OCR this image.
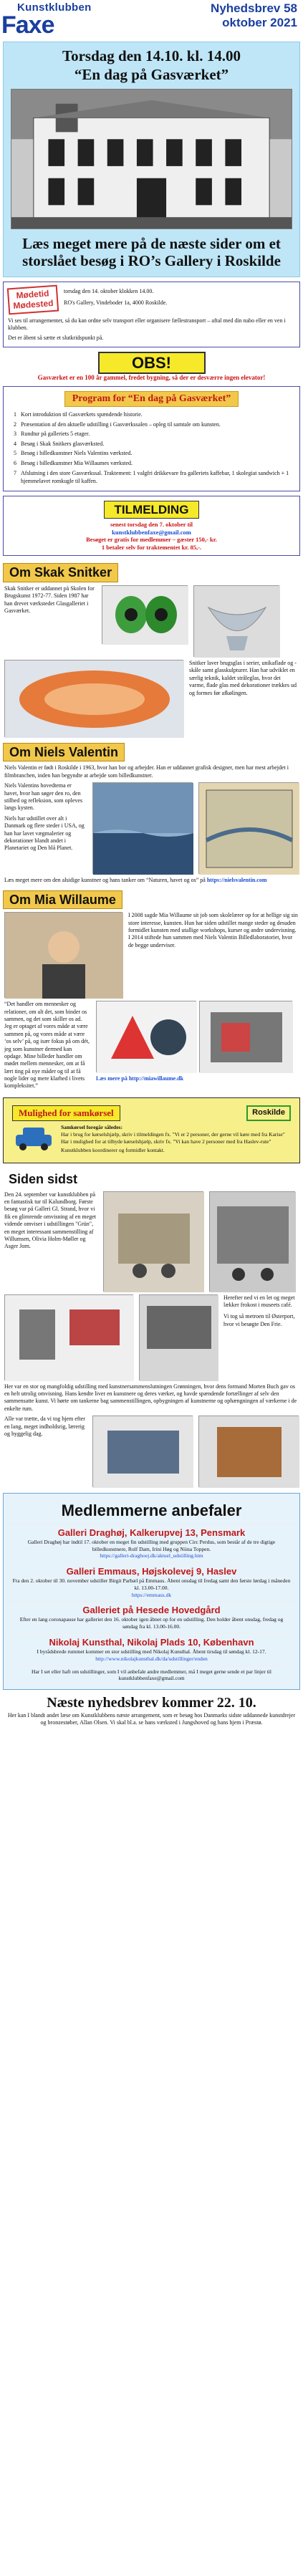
Kunstklubben
Faxe
Nyhedsbrev 58
oktober 2021
Torsdag den 14.10. kl. 14.00
“En dag på Gasværket”
Læs meget mere på de næste sider om et storslået besøg i RO’s Gallery i Roskilde
Mødetid
Mødested
torsdag den 14. oktober klokken 14.00.
RO's Gallery, Vindeboder 1a, 4000 Roskilde.
Vi ses til arrangementet, så du kan ordne selv transport eller organisere fællestransport – aftal med din nabo eller en ven i klubben.
Det er åbent så sætte et slutkridspunkt på.
OBS!
Gasværket er en 100 år gammel, fredet bygning, så der er desværre ingen elevator!
Program for “En dag på Gasværket”
1 Kort introduktion til Gasværkets spændende historie.
2 Præsentation af den aktuelle udstilling i Gasværkssalen – opleg til samtale om kunsten.
3 Rundtur på galleriets 5 etager.
4 Besøg i Skak Snitkers glasværksted.
5 Besøg i billedkunstner Niels Valentins værksted.
6 Besøg i billedkunstner Mia Willaumes værksted.
7 Afslutning i den store Gasværkssal. Traktement: 1 valgfri drikkevare fra galleriets kaffebar, 1 skolegiat sandwich + 1 hjemmelavet romkugle til kaffen.
TILMELDING
senest torsdag den 7. oktober til
kunstklubbenfaxe@gmail.com
Besøget er gratis for medlemmer – gæster 150,- kr.
1 betaler selv for traktementet kr. 85,-.
Om Skak Snitker
Skak Snitker er uddannet på Skolen for Brugskunst 1972-77. Siden 1987 har han drevet værkstedet Glasgalleriet i Gasværket.
Snitker laver brugsglas i serier, unikaflade og -skåle samt glasskulpturer. Han har udviklet en særlig teknik, kaldet stråleglas, hvor det varme, flade glas med dekorationer trækkes ud og formes før afkølingen.
Om Niels Valentin
Niels Valentin er født i Roskilde i 1963, hvor han bor og arbejder. Han er uddannet grafisk designer, men har mest arbejdet i filmbranchen, inden han begyndte at arbejde som billedkunstner.
Niels Valentins hovedtema er havet, hvor han søger den ro, den stilhed og refleksion, som opleves langs kysten.
Niels har udstillet over alt i Danmark og flere steder i USA, og han har lavet vægmalerier og dekorationer blandt andet i Planetariet og Den blå Planet.
Læs meget mere om den alsidige kunstner og hans tanker om “Naturen, havet og os” på https://nielsvalentin.com
Om Mia Willaume
I 2008 sagde Mia Willaume sit job som skolelærer op for at hellige sig sin store interesse, kunsten. Hun har siden udstillet mange steder og desuden formidlet kunsten med utallige workshops, kurser og andre undervisning. I 2014 stiftede hun sammen med Niels Valentin Billedlaboratoriet, hvor de begge underviser.
“Det handler om mennesker og relationer, om alt det, som binder os sammen, og det som skiller os ad. Jeg er optaget af vores måde at være sammen på, og vores måde at være ‘os selv’ på, og især fokus på om dét, jeg som kunstner dermed kan opdage. Mine billeder handler om mødet mellem mennesker, om at få lært ting på nye måder og til at få nogle lider og mere klarhed i livets kompleksitet.”
Læs mere på http://miawillaume.dk
Mulighed for samkørsel	Roskilde
Samkørsel foregår således:
Har i brug for kørselshjælp, skriv i tilmeldingen fx. "Vi er 2 personer, der gerne vil køre med fra Karise"
Har i mulighed for at tilbyde kørselshjælp, skriv fx. "Vi kan have 2 personer med fra Haslev-rute"
Kunstklubben koordinerer og formidler kontakt.
Siden sidst
Den 24. september var kunstklubben på en fantastisk tur til Kalundborg. Første besøg var på Galleri Gl. Strand, hvor vi fik en glimrende omvisning af en meget vidende omviser i udstillingen "Grün", en meget interessant sammenstilling af Willumsen, Olivia Holm-Møller og Asger Jorn.
Herefter ned vi en let og meget lækker frokost i museets café.
Vi tog så metroen til Østerport, hvor vi besøgte Den Frie.
Her var en stor og mangfoldig udstilling med kunstnersammenslutningen Grønningen, hvor dens formand Morten Buch gav os en helt utrolig omvisning. Hans kendte liver en kunstnere og deres værker, og havde spændende fortællinger af selv den sammensatte kunst. Vi hørte om tankerne bag sammenstillingen, opbygningen af kunstnerne og ophængningen af værkerne i de enkelte rum.
Alle var trætte, da vi tog hjem efter en lang, meget indholdsrig, lærerig og hyggelig dag.
Medlemmerne anbefaler
Galleri Draghøj, Kalkerupvej 13, Pensmark
Galleri Draghøj har indtil 17. oktober en meget fin udstilling med gruppen Circ Perdus, som består af de tre digtige billedkunstnere, Rolf Dam, Irini Høg og Niina Toppen.
https://galleri-draghoej.dk/aktuel_udstilling.htm
Galleri Emmaus, Højskolevej 9, Haslev
Fra den 2. oktober til 30. november udstiller Birgit Parbæl på Emmaus. Åbent onsdag til fredag samt den første lørdag i måneden kl. 13.00-17.00.
https://emmaus.dk
Galleriet på Hesede Hovedgård
Efter en lang coronapause har galleriet den 16. oktober igen åbnet op for en udstilling. Den holder åbent onsdag, fredag og søndag fra kl. 13.00-16.00.
Nikolaj Kunsthal, Nikolaj Plads 10, København
I byrådsbrede rummet kommer en stor udstilling med Nikolaj Kunsthal. Åbent tirsdag til søndag kl. 12-17.
http://www.nikolajkunsthal.dk/da/udstillinger/enden
Har I set eller haft om udstillinger, som I vil anbefale andre medlemmer, må I meget gerne sende et par linjer til kunstklubbenfaxe@gmail.com
Næste nyhedsbrev kommer 22. 10.
Her kan I blandt andet læse om Kunstklubbens næste arrangement, som er besøg hos Danmarks sidste uddannede kunstdrejer og bronzestøber, Allan Olsen. Vi skal bl.a. se hans værksted i Jungshoved og hans hjem i Præstø.
